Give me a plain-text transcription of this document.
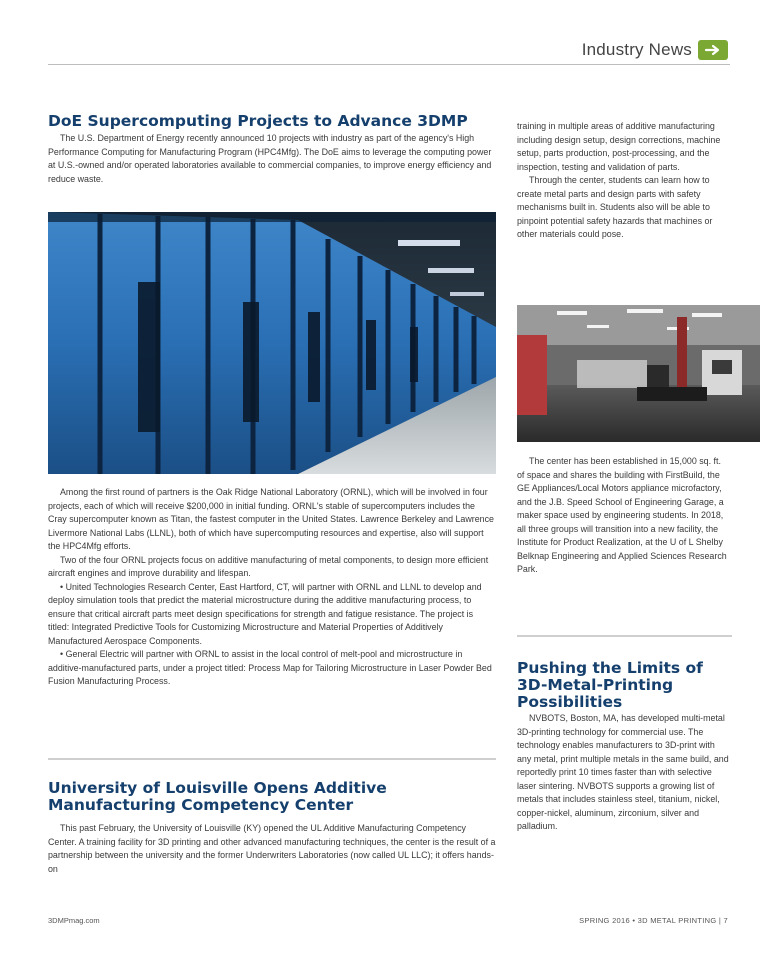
Industry News
DoE Supercomputing Projects to Advance 3DMP

The U.S. Department of Energy recently announced 10 projects with industry as part of the agency's High Performance Computing for Manufacturing Program (HPC4Mfg). The DoE aims to leverage the computing power at U.S.-owned and/or operated laboratories available to commercial companies, to improve energy efficiency and reduce waste.

Among the first round of partners is the Oak Ridge National Laboratory (ORNL), which will be involved in four projects, each of which will receive $200,000 in initial funding. ORNL's stable of supercomputers includes the Cray supercomputer known as Titan, the fastest computer in the United States. Lawrence Berkeley and Lawrence Livermore National Labs (LLNL), both of which have supercomputing resources and expertise, also will support the HPC4Mfg efforts.

Two of the four ORNL projects focus on additive manufacturing of metal components, to design more efficient aircraft engines and improve durability and lifespan.

• United Technologies Research Center, East Hartford, CT, will partner with ORNL and LLNL to develop and deploy simulation tools that predict the material microstructure during the additive manufacturing process, to ensure that critical aircraft parts meet design specifications for strength and fatigue resistance. The project is titled: Integrated Predictive Tools for Customizing Microstructure and Material Properties of Additively Manufactured Aerospace Components.

• General Electric will partner with ORNL to assist in the local control of melt-pool and microstructure in additive-manufactured parts, under a project titled: Process Map for Tailoring Microstructure in Laser Powder Bed Fusion Manufacturing Process.

University of Louisville Opens Additive Manufacturing Competency Center

This past February, the University of Louisville (KY) opened the UL Additive Manufacturing Competency Center. A training facility for 3D printing and other advanced manufacturing techniques, the center is the result of a partnership between the university and the former Underwriters Laboratories (now called UL LLC); it offers hands-on

training in multiple areas of additive manufacturing including design setup, design corrections, machine setup, parts production, post-processing, and the inspection, testing and validation of parts.

Through the center, students can learn how to create metal parts and design parts with safety mechanisms built in. Students also will be able to pinpoint potential safety hazards that machines or other materials could pose.

The center has been established in 15,000 sq. ft. of space and shares the building with FirstBuild, the GE Appliances/Local Motors appliance microfactory, and the J.B. Speed School of Engineering Garage, a maker space used by engineering students. In 2018, all three groups will transition into a new facility, the Institute for Product Realization, at the U of L Shelby Belknap Engineering and Applied Sciences Research Park.

Pushing the Limits of 3D-Metal-Printing Possibilities

NVBOTS, Boston, MA, has developed multi-metal 3D-printing technology for commercial use. The technology enables manufacturers to 3D-print with any metal, print multiple metals in the same build, and reportedly print 10 times faster than with selective laser sintering. NVBOTS supports a growing list of metals that includes stainless steel, titanium, nickel, copper-nickel, aluminum, zirconium, silver and palladium.

3DMPmag.com	SPRING 2016 • 3D METAL PRINTING | 7
